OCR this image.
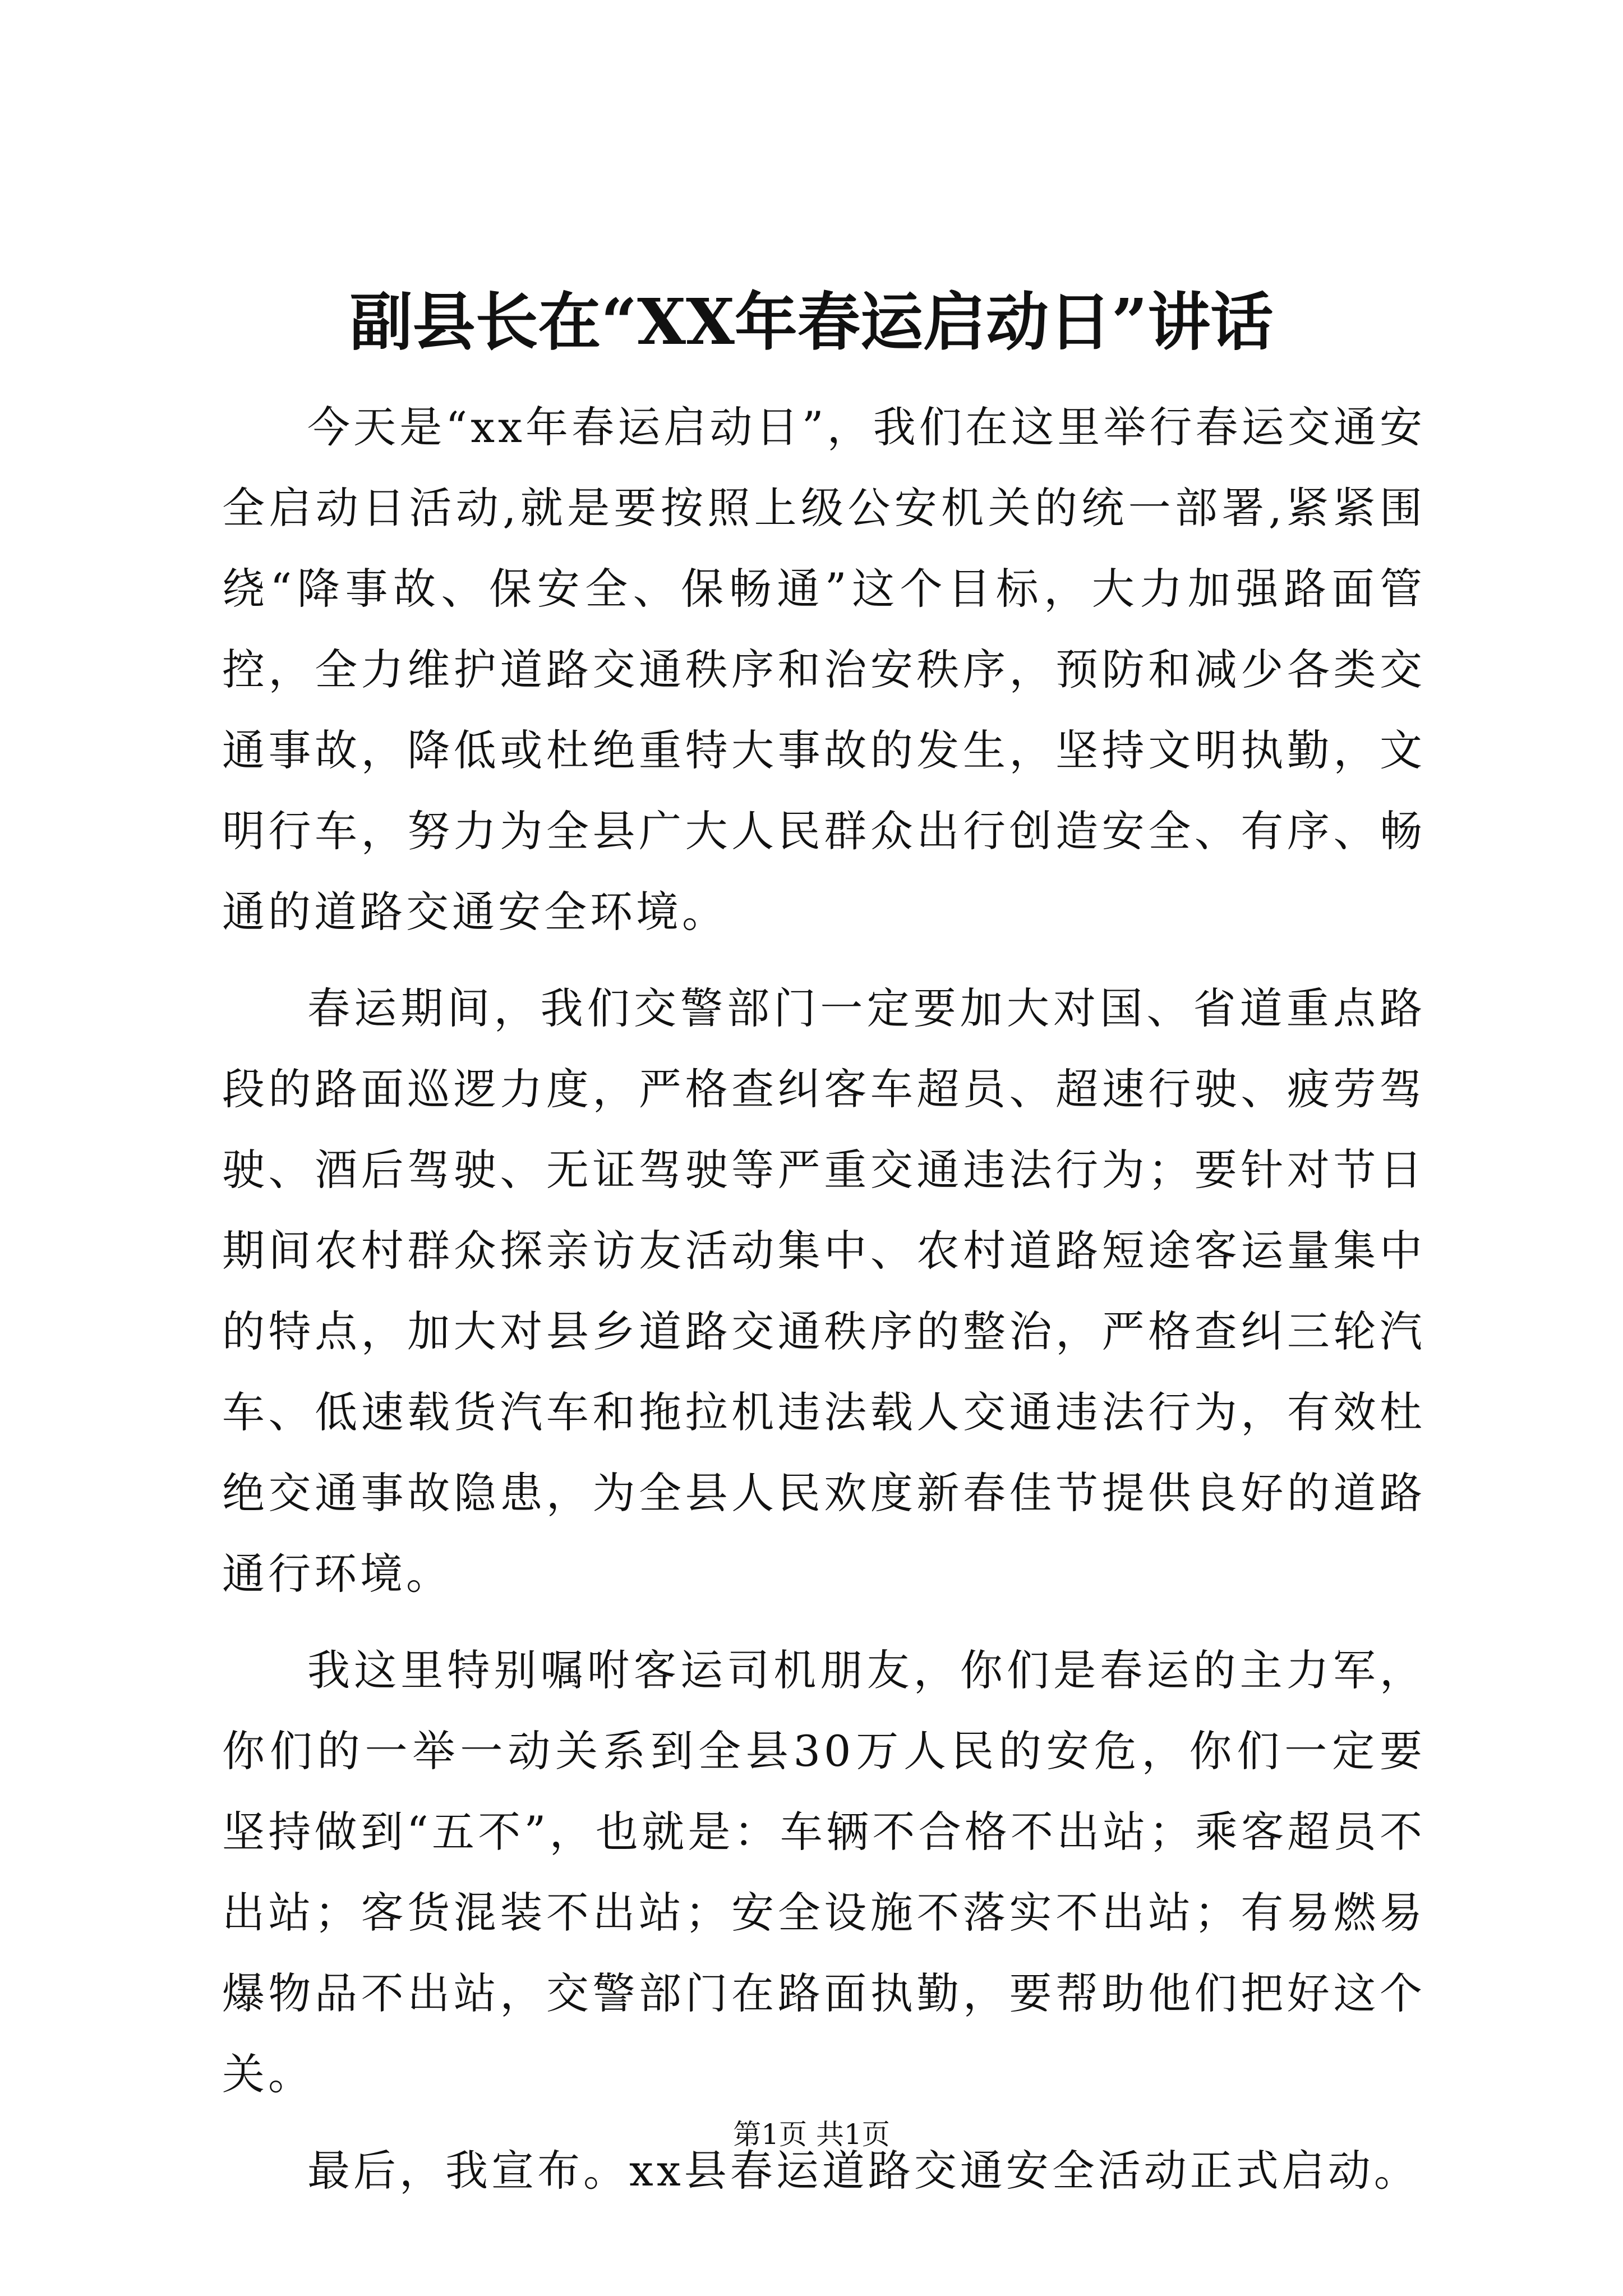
副县长在“XX年春运启动日”讲话

今天是“xx年春运启动日”，我们在这里举行春运交通安全启动日活动,就是要按照上级公安机关的统一部署,紧紧围绕“降事故、保安全、保畅通”这个目标，大力加强路面管控，全力维护道路交通秩序和治安秩序，预防和减少各类交通事故，降低或杜绝重特大事故的发生，坚持文明执勤，文明行车，努力为全县广大人民群众出行创造安全、有序、畅通的道路交通安全环境。

春运期间，我们交警部门一定要加大对国、省道重点路段的路面巡逻力度，严格查纠客车超员、超速行驶、疲劳驾驶、酒后驾驶、无证驾驶等严重交通违法行为；要针对节日期间农村群众探亲访友活动集中、农村道路短途客运量集中的特点，加大对县乡道路交通秩序的整治，严格查纠三轮汽车、低速载货汽车和拖拉机违法载人交通违法行为，有效杜绝交通事故隐患，为全县人民欢度新春佳节提供良好的道路通行环境。

我这里特别嘱咐客运司机朋友，你们是春运的主力军，你们的一举一动关系到全县30万人民的安危，你们一定要坚持做到“五不”，也就是：车辆不合格不出站；乘客超员不出站；客货混装不出站；安全设施不落实不出站；有易燃易爆物品不出站，交警部门在路面执勤，要帮助他们把好这个关。

最后，我宣布。xx县春运道路交通安全活动正式启动。

第1页 共1页
